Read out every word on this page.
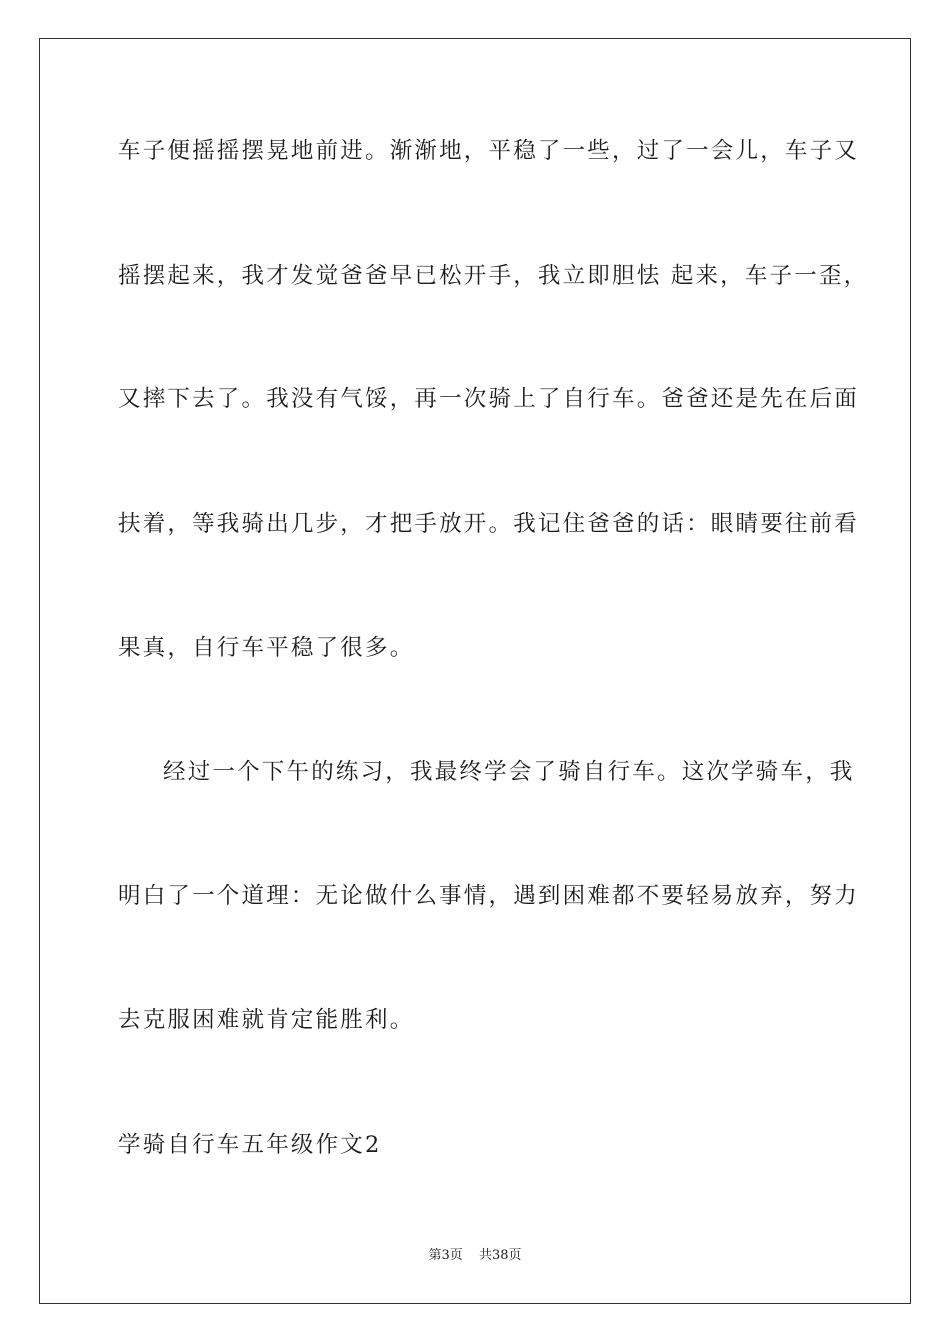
车子便摇摇摆晃地前进。渐渐地，平稳了一些，过了一会儿，车子又
摇摆起来，我才发觉爸爸早已松开手，我立即胆怯 起来，车子一歪，
又摔下去了。我没有气馁，再一次骑上了自行车。爸爸还是先在后面
扶着，等我骑出几步，才把手放开。我记住爸爸的话：眼睛要往前看
果真，自行车平稳了很多。
经过一个下午的练习，我最终学会了骑自行车。这次学骑车，我
明白了一个道理：无论做什么事情，遇到困难都不要轻易放弃，努力
去克服困难就肯定能胜利。
学骑自行车五年级作文2
第3页 共38页
